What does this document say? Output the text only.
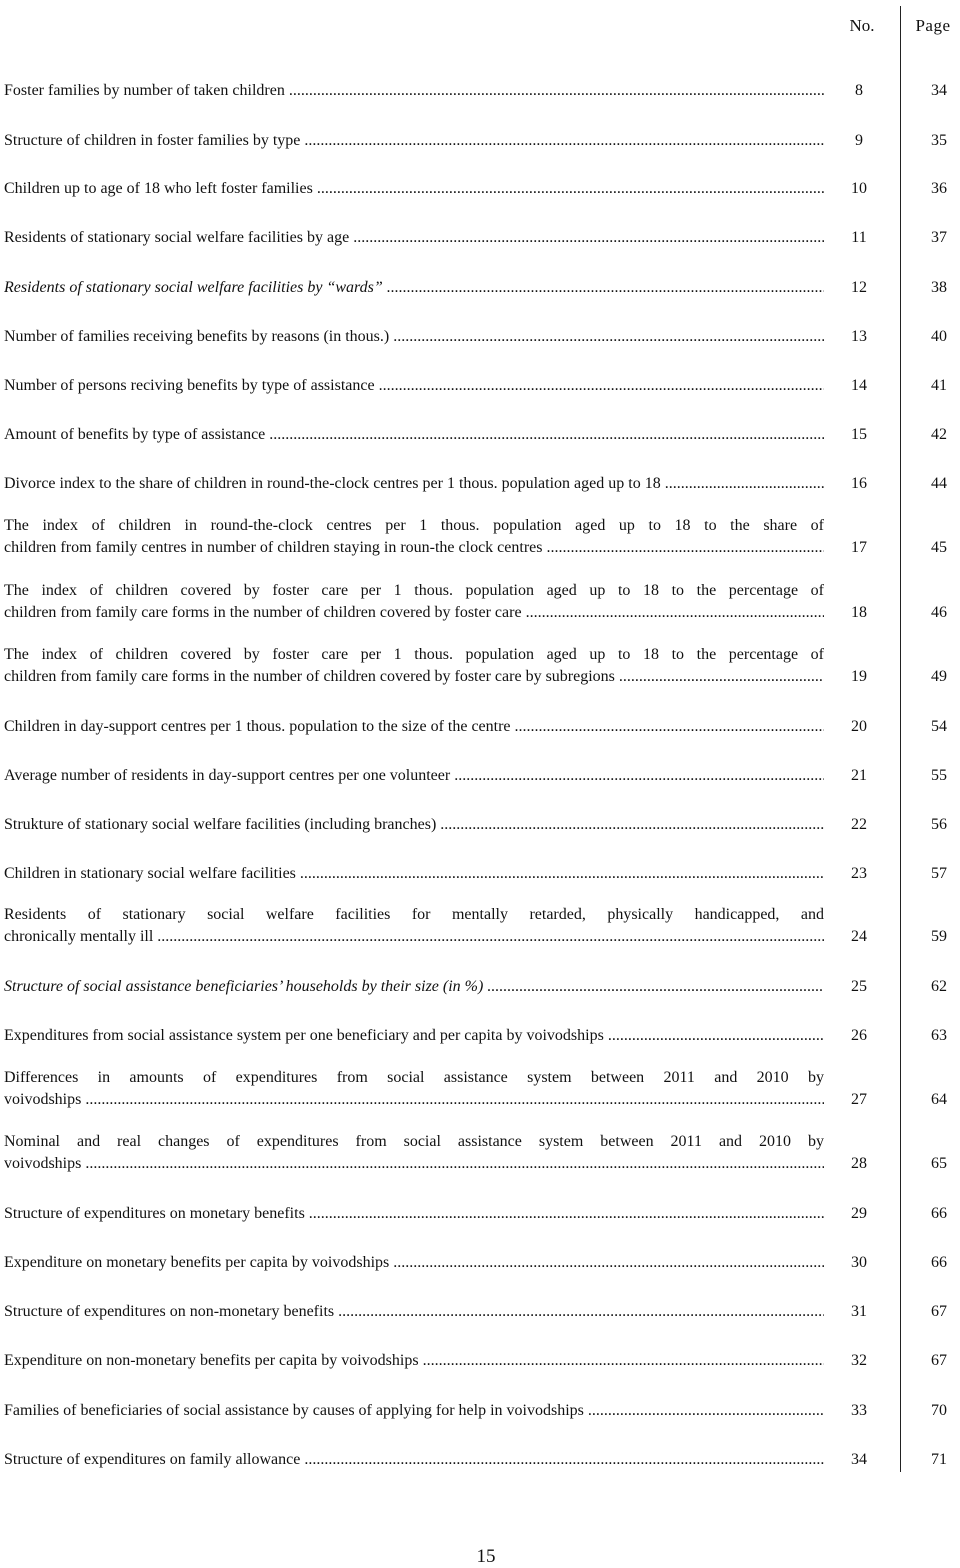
No.	Page
Foster families by number of taken children .....	8	34
Structure of children in foster families by type .....	9	35
Children up to age of 18 who left foster families .....	10	36
Residents of stationary social welfare facilities by age .....	11	37
Residents of stationary social welfare facilities by “wards” .....	12	38
Number of families receiving benefits by reasons (in thous.) .....	13	40
Number of persons reciving benefits by type of assistance .....	14	41
Amount of benefits by type of assistance .....	15	42
Divorce index to the share of children in round-the-clock centres per 1 thous. population aged up to 18 .....	16	44
The index of children in round-the-clock centres per 1 thous. population aged up to 18 to the share of
children from family centres in number of children staying in roun-the clock centres .....	17	45
The index of children covered by foster care per 1 thous. population aged up to 18 to the percentage of
children from family care forms in the number of children covered by foster care .....	18	46
The index of children covered by foster care per 1 thous. population aged up to 18 to the percentage of
children from family care forms in the number of children covered by foster care by subregions .....	19	49
Children in day-support centres per 1 thous. population to the size of the centre .....	20	54
Average number of residents in day-support centres per one volunteer .....	21	55
Strukture of stationary social welfare facilities (including branches) .....	22	56
Children in stationary social welfare facilities .....	23	57
Residents of stationary social welfare facilities for mentally retarded, physically handicapped, and
chronically mentally ill .....	24	59
Structure of social assistance beneficiaries’ households by their size (in %) .....	25	62
Expenditures from social assistance system per one beneficiary and per capita by voivodships .....	26	63
Differences in amounts of expenditures from social assistance system between 2011 and 2010 by
voivodships .....	27	64
Nominal and real changes of expenditures from social assistance system between 2011 and 2010 by
voivodships .....	28	65
Structure of expenditures on monetary benefits .....	29	66
Expenditure on monetary benefits per capita by voivodships .....	30	66
Structure of expenditures on non-monetary benefits .....	31	67
Expenditure on non-monetary benefits per capita by voivodships .....	32	67
Families of beneficiaries of social assistance by causes of applying for help in voivodships .....	33	70
Structure of expenditures on family allowance .....	34	71
15
